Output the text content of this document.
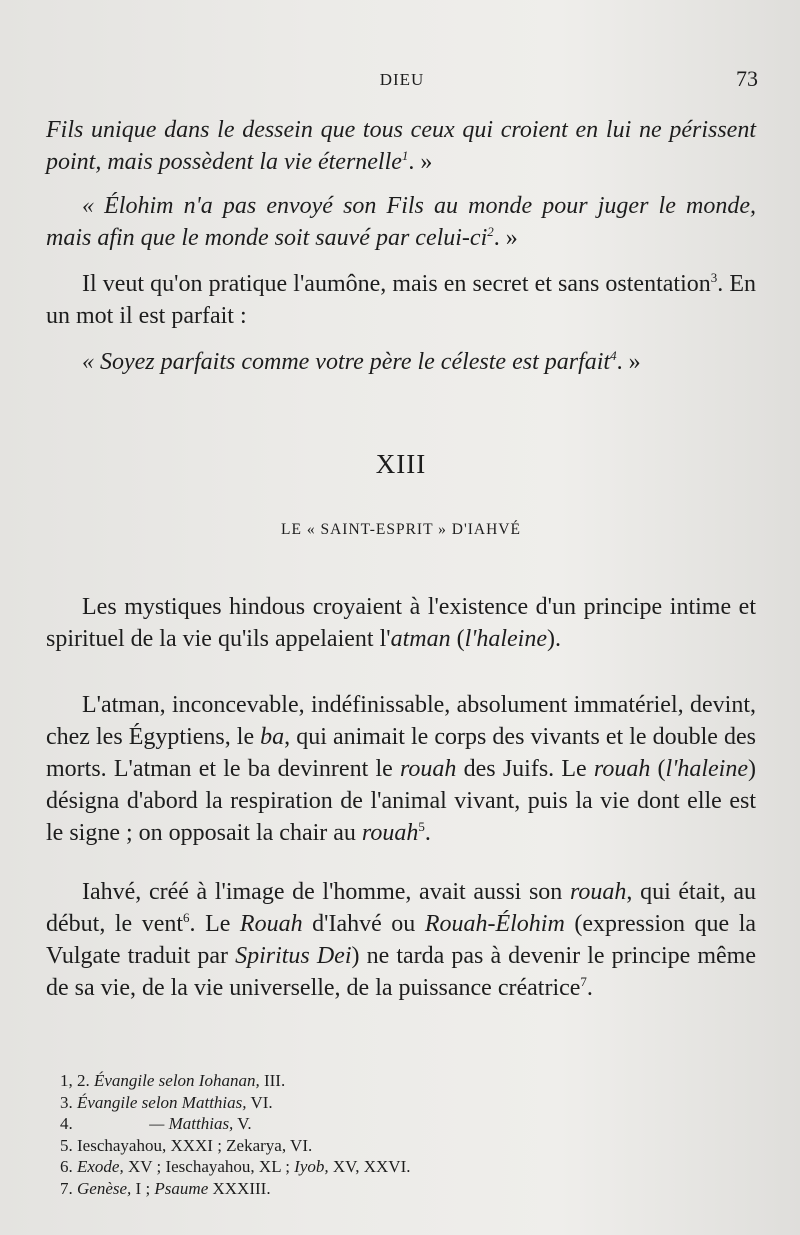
DIEU	73
Fils unique dans le dessein que tous ceux qui croient en lui ne périssent point, mais possèdent la vie éternelle$^1$. »
« Élohim n'a pas envoyé son Fils au monde pour juger le monde, mais afin que le monde soit sauvé par celui-$ci^2$. »
Il veut qu'on pratique l'aumône, mais en secret et sans ostentation$^3$. En un mot il est parfait :
« Soyez parfaits comme votre père le céleste est parfait$^4$. »
XIII
LE « SAINT-ESPRIT » D'IAHVÉ
Les mystiques hindous croyaient à l'existence d'un principe intime et spirituel de la vie qu'ils appelaient l'atman (l'haleine).
L'atman, inconcevable, indéfinissable, absolument immatériel, devint, chez les Égyptiens, le ba, qui animait le corps des vivants et le double des morts. L'atman et le ba devinrent le rouah des Juifs. Le rouah (l'haleine) désigna d'abord la respiration de l'animal vivant, puis la vie dont elle est le signe ; on opposait la chair au rouah$^5$.
Iahvé, créé à l'image de l'homme, avait aussi son rouah, qui était, au début, le vent$^6$. Le Rouah d'Iahvé ou Rouah-Élohim (expression que la Vulgate traduit par Spiritus Dei) ne tarda pas à devenir le principe même de sa vie, de la vie universelle, de la puissance créatrice$^7$.
1, 2. Évangile selon Iohanan, III.
3. Évangile selon Matthias, VI.
4.	— Matthias, V.
5. Ieschayahou, XXXI ; Zekarya, VI.
6. Exode, XV ; Ieschayahou, XL ; Iyob, XV, XXVI.
7. Genèse, I ; Psaume XXXIII.
